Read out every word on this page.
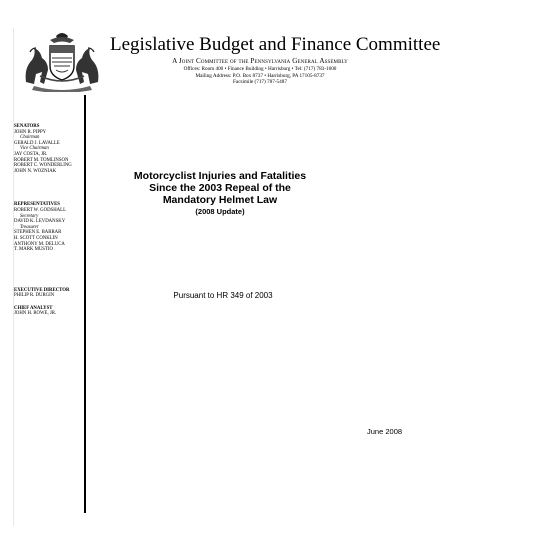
Legislative Budget and Finance Committee
A Joint Committee of the Pennsylvania General Assembly
Offices: Room 400 • Finance Building • Harrisburg • Tel: (717) 783-1600
Mailing Address: P.O. Box 8737 • Harrisburg, PA 17105-8737
Facsimile (717) 787-5487

SENATORS

JOHN R. PIPPY

Chairman

GERALD J. LAVALLE

Vice Chairman

JAY COSTA, JR.

ROBERT M. TOMLINSON

ROBERT C. WONDERLING

JOHN N. WOZNIAK

REPRESENTATIVES

ROBERT W. GODSHALL

Secretary

DAVID K. LEVDANSKY

Treasurer

STEPHEN E. BARRAR

H. SCOTT CONKLIN

ANTHONY M. DELUCA

T. MARK MUSTIO

EXECUTIVE DIRECTOR

PHILIP R. DURGIN

CHIEF ANALYST

JOHN H. ROWE, JR.

Motorcyclist Injuries and Fatalities
Since the 2003 Repeal of the
Mandatory Helmet Law
(2008 Update)
Pursuant to HR 349 of 2003
June 2008
